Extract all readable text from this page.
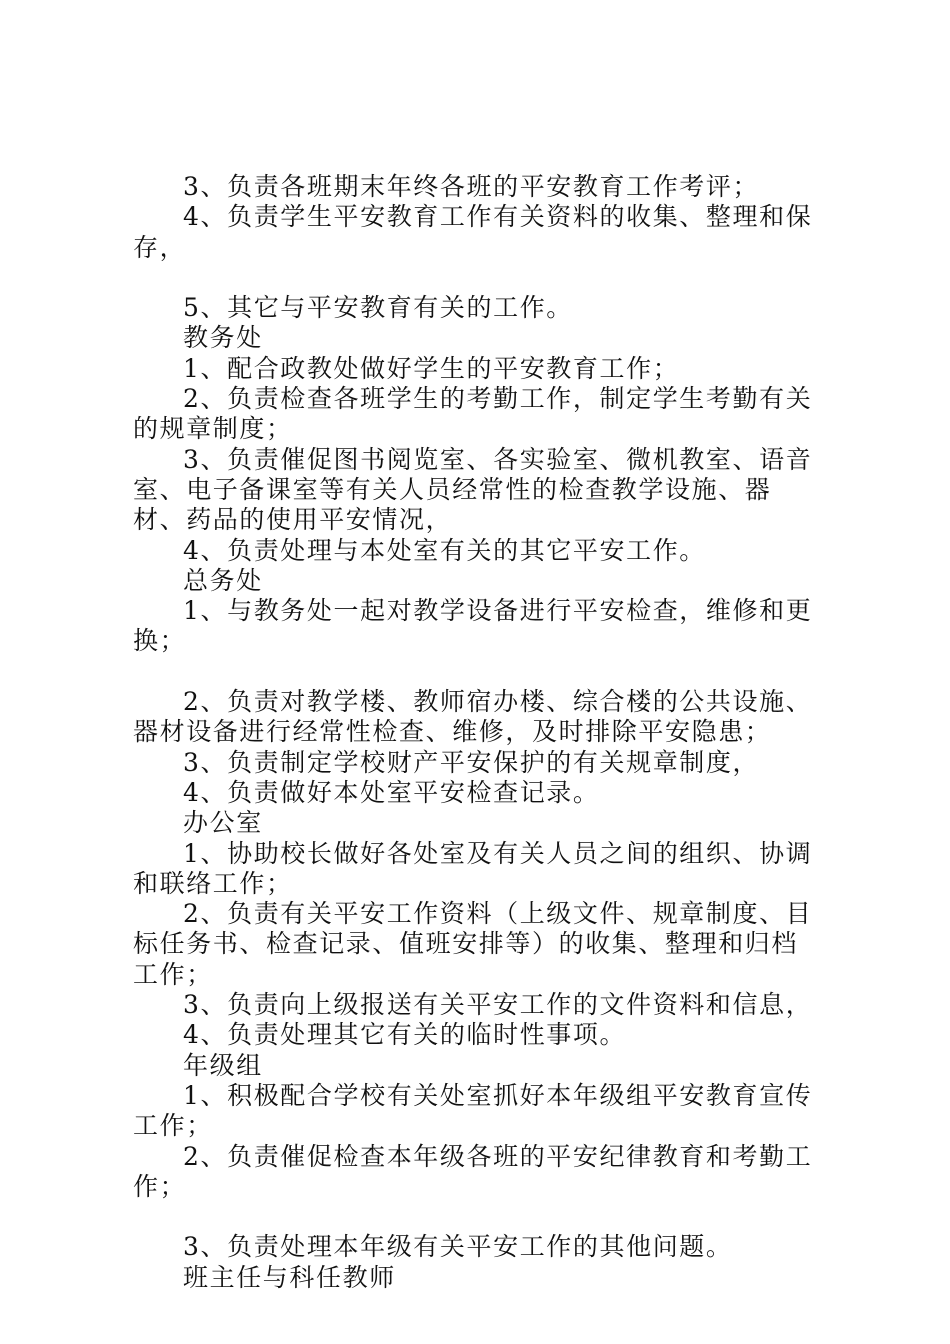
3、负责各班期末年终各班的平安教育工作考评；

4、负责学生平安教育工作有关资料的收集、整理和保存，

5、其它与平安教育有关的工作。

教务处

1、配合政教处做好学生的平安教育工作；

2、负责检查各班学生的考勤工作，制定学生考勤有关的规章制度；

3、负责催促图书阅览室、各实验室、微机教室、语音室、电子备课室等有关人员经常性的检查教学设施、器材、药品的使用平安情况，

4、负责处理与本处室有关的其它平安工作。

总务处

1、与教务处一起对教学设备进行平安检查，维修和更换；

2、负责对教学楼、教师宿办楼、综合楼的公共设施、器材设备进行经常性检查、维修，及时排除平安隐患；

3、负责制定学校财产平安保护的有关规章制度，

4、负责做好本处室平安检查记录。

办公室

1、协助校长做好各处室及有关人员之间的组织、协调和联络工作；

2、负责有关平安工作资料（上级文件、规章制度、目标任务书、检查记录、值班安排等）的收集、整理和归档工作；

3、负责向上级报送有关平安工作的文件资料和信息，

4、负责处理其它有关的临时性事项。

年级组

1、积极配合学校有关处室抓好本年级组平安教育宣传工作；

2、负责催促检查本年级各班的平安纪律教育和考勤工作；

3、负责处理本年级有关平安工作的其他问题。

班主任与科任教师
